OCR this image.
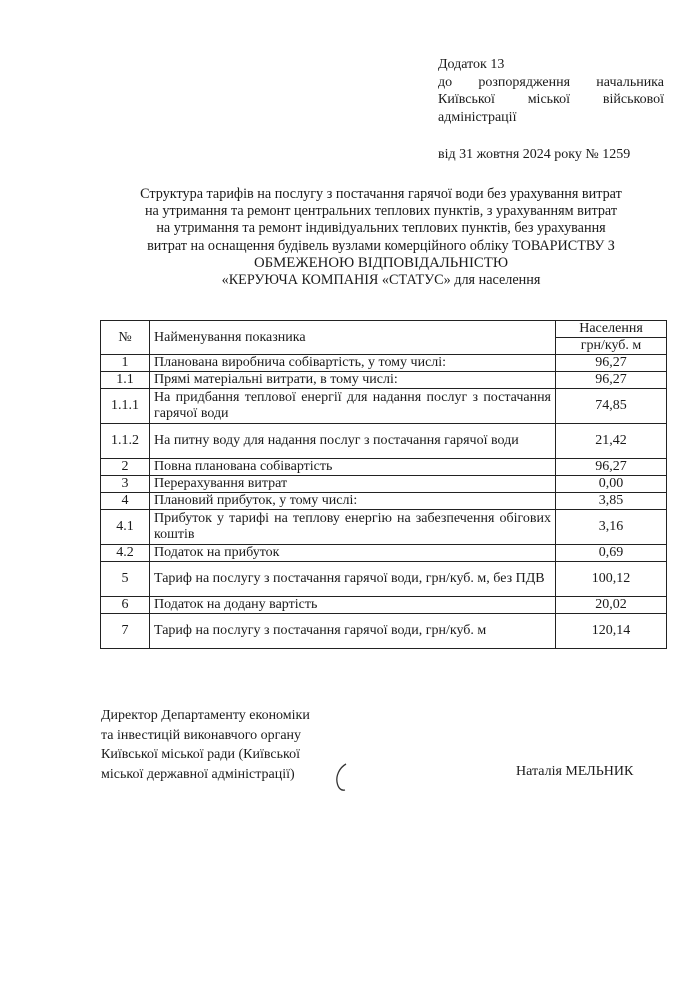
Додаток 13
до розпорядження начальника
Київської міської військової
адміністрації
від 31 жовтня 2024 року № 1259
Структура тарифів на послугу з постачання гарячої води без урахування витрат
на утримання та ремонт центральних теплових пунктів, з урахуванням витрат
на утримання та ремонт індивідуальних теплових пунктів, без урахування
витрат на оснащення будівель вузлами комерційного обліку ТОВАРИСТВУ З
ОБМЕЖЕНОЮ ВІДПОВІДАЛЬНІСТЮ
«КЕРУЮЧА КОМПАНІЯ «СТАТУС» для населення
№	Найменування показника	Населення
		грн/куб. м
1	Планована виробнича собівартість, у тому числі:	96,27
1.1	Прямі матеріальні витрати, в тому числі:	96,27
1.1.1	На придбання теплової енергії для надання послуг з постачання гарячої води	74,85
1.1.2	На питну воду для надання послуг з постачання гарячої води	21,42
2	Повна планована собівартість	96,27
3	Перерахування витрат	0,00
4	Плановий прибуток, у тому числі:	3,85
4.1	Прибуток у тарифі на теплову енергію на забезпечення обігових коштів	3,16
4.2	Податок на прибуток	0,69
5	Тариф на послугу з постачання гарячої води, грн/куб. м, без ПДВ	100,12
6	Податок на додану вартість	20,02
7	Тариф на послугу з постачання гарячої води, грн/куб. м	120,14
Директор Департаменту економіки
та інвестицій виконавчого органу
Київської міської ради (Київської
міської державної адміністрації)	Наталія МЕЛЬНИК
